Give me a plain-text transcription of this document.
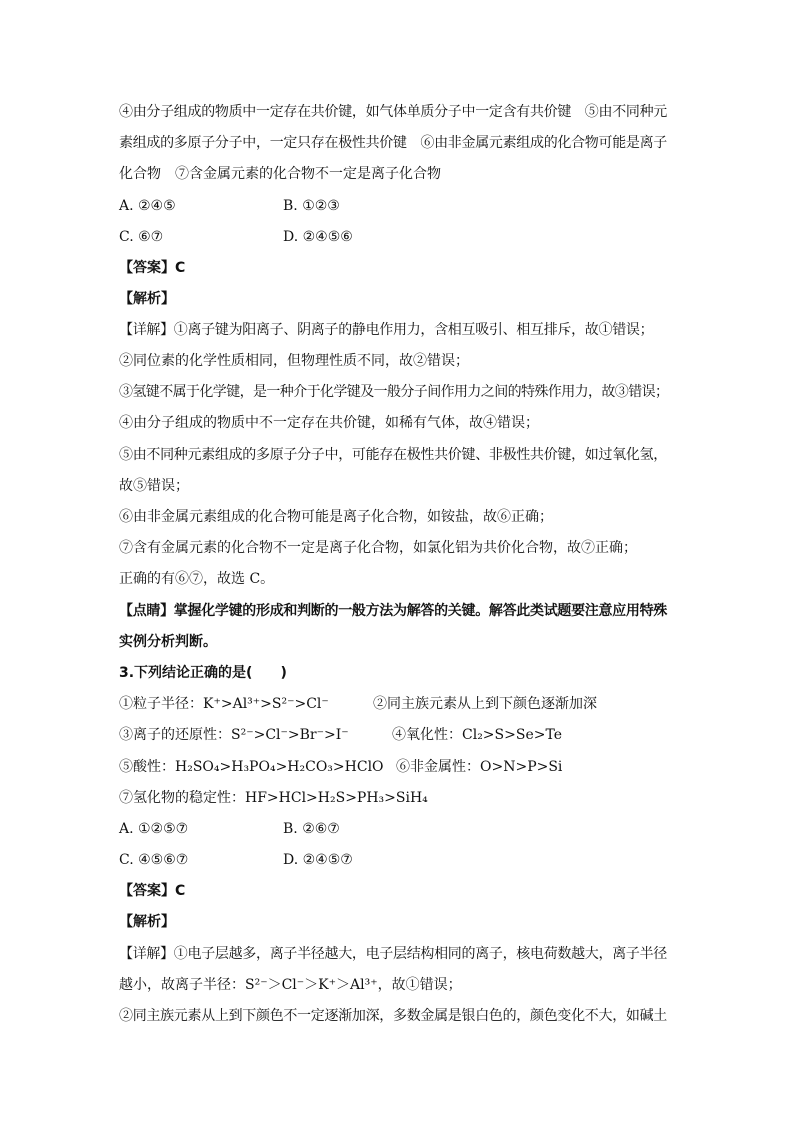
④由分子组成的物质中一定存在共价键，如气体单质分子中一定含有共价键　⑤由不同种元
素组成的多原子分子中，一定只存在极性共价键　⑥由非金属元素组成的化合物可能是离子
化合物　⑦含金属元素的化合物不一定是离子化合物
A. ②④⑤	B. ①②③
C. ⑥⑦	D. ②④⑤⑥
【答案】C
【解析】
【详解】①离子键为阳离子、阴离子的静电作用力，含相互吸引、相互排斥，故①错误；
②同位素的化学性质相同，但物理性质不同，故②错误；
③氢键不属于化学键，是一种介于化学键及一般分子间作用力之间的特殊作用力，故③错误；
④由分子组成的物质中不一定存在共价键，如稀有气体，故④错误；
⑤由不同种元素组成的多原子分子中，可能存在极性共价键、非极性共价键，如过氧化氢，
故⑤错误；
⑥由非金属元素组成的化合物可能是离子化合物，如铵盐，故⑥正确；
⑦含有金属元素的化合物不一定是离子化合物，如氯化铝为共价化合物，故⑦正确；
正确的有⑥⑦，故选 C。
【点睛】掌握化学键的形成和判断的一般方法为解答的关键。解答此类试题要注意应用特殊
实例分析判断。
3.下列结论正确的是(　　)
①粒子半径：K⁺>Al³⁺>S²⁻>Cl⁻	②同主族元素从上到下颜色逐渐加深
③离子的还原性：S²⁻>Cl⁻>Br⁻>I⁻	④氧化性：Cl₂>S>Se>Te
⑤酸性：H₂SO₄>H₃PO₄>H₂CO₃>HClO ⑥非金属性：O>N>P>Si
⑦氢化物的稳定性：HF>HCl>H₂S>PH₃>SiH₄
A. ①②⑤⑦	B. ②⑥⑦
C. ④⑤⑥⑦	D. ②④⑤⑦
【答案】C
【解析】
【详解】①电子层越多，离子半径越大，电子层结构相同的离子，核电荷数越大，离子半径
越小，故离子半径：S²⁻＞Cl⁻＞K⁺＞Al³⁺，故①错误；
②同主族元素从上到下颜色不一定逐渐加深，多数金属是银白色的，颜色变化不大，如碱土
